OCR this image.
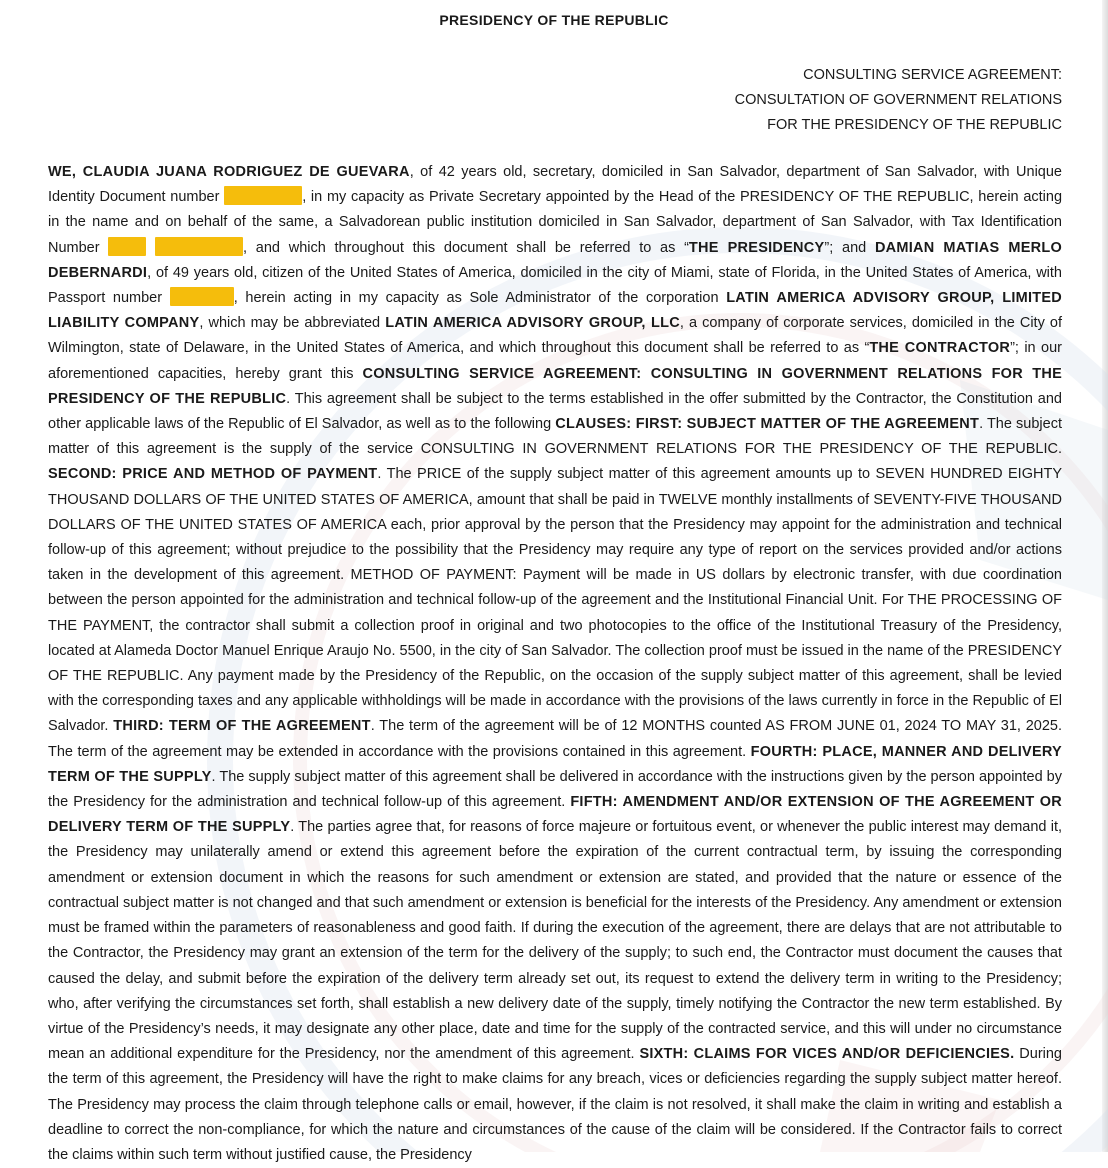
PRESIDENCY OF THE REPUBLIC
CONSULTING SERVICE AGREEMENT:
CONSULTATION OF GOVERNMENT RELATIONS
FOR THE PRESIDENCY OF THE REPUBLIC
WE, CLAUDIA JUANA RODRIGUEZ DE GUEVARA, of 42 years old, secretary, domiciled in San Salvador, department of San Salvador, with Unique Identity Document number	, in my capacity as Private Secretary appointed by the Head of the PRESIDENCY OF THE REPUBLIC, herein acting in the name and on behalf of the same, a Salvadorean public institution domiciled in San Salvador, department of San Salvador, with Tax Identification Number	, and which throughout this document shall be referred to as “THE PRESIDENCY”; and DAMIAN MATIAS MERLO DEBERNARDI, of 49 years old, citizen of the United States of America, domiciled in the city of Miami, state of Florida, in the United States of America, with Passport number	, herein acting in my capacity as Sole Administrator of the corporation LATIN AMERICA ADVISORY GROUP, LIMITED LIABILITY COMPANY, which may be abbreviated LATIN AMERICA ADVISORY GROUP, LLC, a company of corporate services, domiciled in the City of Wilmington, state of Delaware, in the United States of America, and which throughout this document shall be referred to as “THE CONTRACTOR”; in our aforementioned capacities, hereby grant this CONSULTING SERVICE AGREEMENT: CONSULTING IN GOVERNMENT RELATIONS FOR THE PRESIDENCY OF THE REPUBLIC. This agreement shall be subject to the terms established in the offer submitted by the Contractor, the Constitution and other applicable laws of the Republic of El Salvador, as well as to the following CLAUSES: FIRST: SUBJECT MATTER OF THE AGREEMENT. The subject matter of this agreement is the supply of the service CONSULTING IN GOVERNMENT RELATIONS FOR THE PRESIDENCY OF THE REPUBLIC. SECOND: PRICE AND METHOD OF PAYMENT. The PRICE of the supply subject matter of this agreement amounts up to SEVEN HUNDRED EIGHTY THOUSAND DOLLARS OF THE UNITED STATES OF AMERICA, amount that shall be paid in TWELVE monthly installments of SEVENTY-FIVE THOUSAND DOLLARS OF THE UNITED STATES OF AMERICA each, prior approval by the person that the Presidency may appoint for the administration and technical follow-up of this agreement; without prejudice to the possibility that the Presidency may require any type of report on the services provided and/or actions taken in the development of this agreement. METHOD OF PAYMENT: Payment will be made in US dollars by electronic transfer, with due coordination between the person appointed for the administration and technical follow-up of the agreement and the Institutional Financial Unit. For THE PROCESSING OF THE PAYMENT, the contractor shall submit a collection proof in original and two photocopies to the office of the Institutional Treasury of the Presidency, located at Alameda Doctor Manuel Enrique Araujo No. 5500, in the city of San Salvador. The collection proof must be issued in the name of the PRESIDENCY OF THE REPUBLIC. Any payment made by the Presidency of the Republic, on the occasion of the supply subject matter of this agreement, shall be levied with the corresponding taxes and any applicable withholdings will be made in accordance with the provisions of the laws currently in force in the Republic of El Salvador. THIRD: TERM OF THE AGREEMENT. The term of the agreement will be of 12 MONTHS counted AS FROM JUNE 01, 2024 TO MAY 31, 2025. The term of the agreement may be extended in accordance with the provisions contained in this agreement. FOURTH: PLACE, MANNER AND DELIVERY TERM OF THE SUPPLY. The supply subject matter of this agreement shall be delivered in accordance with the instructions given by the person appointed by the Presidency for the administration and technical follow-up of this agreement. FIFTH: AMENDMENT AND/OR EXTENSION OF THE AGREEMENT OR DELIVERY TERM OF THE SUPPLY. The parties agree that, for reasons of force majeure or fortuitous event, or whenever the public interest may demand it, the Presidency may unilaterally amend or extend this agreement before the expiration of the current contractual term, by issuing the corresponding amendment or extension document in which the reasons for such amendment or extension are stated, and provided that the nature or essence of the contractual subject matter is not changed and that such amendment or extension is beneficial for the interests of the Presidency. Any amendment or extension must be framed within the parameters of reasonableness and good faith. If during the execution of the agreement, there are delays that are not attributable to the Contractor, the Presidency may grant an extension of the term for the delivery of the supply; to such end, the Contractor must document the causes that caused the delay, and submit before the expiration of the delivery term already set out, its request to extend the delivery term in writing to the Presidency; who, after verifying the circumstances set forth, shall establish a new delivery date of the supply, timely notifying the Contractor the new term established. By virtue of the Presidency’s needs, it may designate any other place, date and time for the supply of the contracted service, and this will under no circumstance mean an additional expenditure for the Presidency, nor the amendment of this agreement. SIXTH: CLAIMS FOR VICES AND/OR DEFICIENCIES. During the term of this agreement, the Presidency will have the right to make claims for any breach, vices or deficiencies regarding the supply subject matter hereof. The Presidency may process the claim through telephone calls or email, however, if the claim is not resolved, it shall make the claim in writing and establish a deadline to correct the non-compliance, for which the nature and circumstances of the cause of the claim will be considered. If the Contractor fails to correct the claims within such term without justified cause, the Presidency
